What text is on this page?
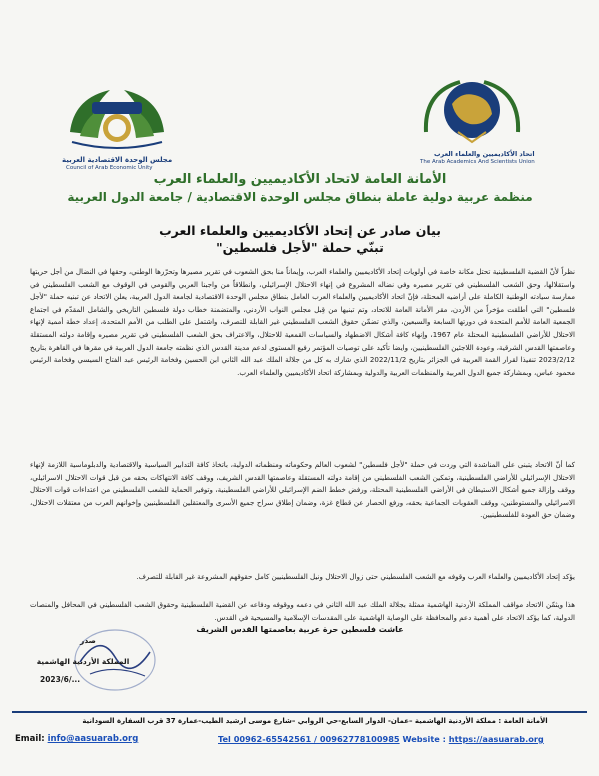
مجلس الوحدة الاقتصادية العربية
Council of Arab Economic Unity
اتحاد الأكاديميين والعلماء العرب
The Arab Academics And Scientists Union
الأمانة العامة لاتحاد الأكاديميين والعلماء العرب
منظمة عربية دولية عاملة بنطاق مجلس الوحدة الاقتصادية / جامعة الدول العربية
بيان صادر عن إتحاد الأكاديميين والعلماء العرب
تبنّي حملة "لأجل فلسطين"
نظراً لأنّ القضية الفلسطينية تحتل مكانة خاصة في أولويات إتحاد الأكاديميين والعلماء العرب، وإيماناً منا بحق الشعوب في تقرير مصيرها وتحرّرها الوطني، وحقها في النضال من أجل حريتها واستقلالها، وحق الشعب الفلسطيني في تقرير مصيره وفي نضاله المشروع في إنهاء الاحتلال الإسرائيلي، وانطلاقاً من واجبنا العربي والقومي في الوقوف مع الشعب الفلسطيني في ممارسة سيادته الوطنية الكاملة على أراضيه المحتلة، فإنّ اتحاد الأكاديميين والعلماء العرب العامل بنطاق مجلس الوحدة الاقتصادية لجامعة الدول العربية، يعلن الاتحاد عن تبنيه حملة "لأجل فلسطين" التي أطلقت مؤخراً من الأردن، مقر الأمانة العامة للاتحاد، وتم تبنيها من قِبل مجلس النواب الأردني، والمتضمنة خطاب دولة فلسطين التاريخي والشامل المقدّم في اجتماع الجمعية العامة للأمم المتحدة في دورتها السابعة والسبعين، والذي تضمّن حقوق الشعب الفلسطيني غير القابلة للتصرف، واشتمل على الطلب من الأمم المتحدة، إعداد خطة أممية لإنهاء الاحتلال للأراضي الفلسطينية المحتلة عام 1967، وإنهاء كافة أشكال الاضطهاد والسياسات القمعية للاحتلال، والاعتراف بحق الشعب الفلسطيني في تقرير مصيره وإقامة دولته المستقلة وعاصمتها القدس الشرقية، وعودة اللاجئين الفلسطينيين، وايضا تأكيد على توصيات المؤتمر رفيع المستوى لدعم مدينة القدس الذي نظمته جامعة الدول العربية في مقرها في القاهرة بتاريخ 2023/2/12 تنفيذا لقرار القمة العربية في الجزائر بتاريخ 2022/11/2 الذي شارك به كل من جلالة الملك عبد الله الثاني ابن الحسين وفخامة الرئيس عبد الفتاح السيسي وفخامة الرئيس محمود عباس، وبمشاركة جميع الدول العربية والمنظمات العربية والدولية وبمشاركة اتحاد الأكاديميين والعلماء العرب.
كما أنّ الاتحاد يتبنى على المناشدة التي وردت في حملة "لأجل فلسطين" لشعوب العالم وحكوماته ومنظماته الدولية، باتخاذ كافة التدابير السياسية والاقتصادية والدبلوماسية اللازمة لإنهاء الاحتلال الإسرائيلي للأراضي الفلسطينية، وتمكين الشعب الفلسطيني من إقامة دولته المستقلة وعاصمتها القدس الشريف، ووقف كافة الانتهاكات بحقه من قبل قوات الاحتلال الاسرائيلي، ووقف وإزالة جميع أشكال الاستيطان في الأراضي الفلسطينية المحتلة، ورفض خطط الضم الإسرائيلي للأراضي الفلسطينية، وتوفير الحماية للشعب الفلسطيني من اعتداءات قوات الاحتلال الاسرائيلي والمستوطنين، ووقف العقوبات الجماعية بحقه، ورفع الحصار عن قطاع غزة، وضمان إطلاق سراح جميع الأسرى والمعتقلين الفلسطينيين وإخوانهم العرب من معتقلات الاحتلال، وضمان حق العودة للفلسطينيين.
يؤكد إتحاد الأكاديميين والعلماء العرب وقوفه مع الشعب الفلسطيني حتى زوال الاحتلال ونيل الفلسطينيين كامل حقوقهم المشروعة غير القابلة للتصرف.
هذا ويثمّن الاتحاد مواقف المملكة الأردنية الهاشمية ممثلة بجلالة الملك عبد الله الثاني في دعمه ووقوفه ودفاعه عن القضية الفلسطينية وحقوق الشعب الفلسطيني في المحافل والمنصات الدولية، كما يؤكد الاتحاد على أهمية دعم والمحافظة على الوصاية الهاشمية على المقدسات الإسلامية والمسيحية في القدس.
عاشت فلسطين حرة عربية بعاصمتها القدس الشريف
صدر
المملكة الأردنية الهاشمية
2023/6/...
الأمانة العامة : مملكة الأردنية الهاشمية –عمان- الدوار السابع-حي الروابي –شارع موسى ارشيد الطيب-عمارة 37 قرب السفارة السودانية
Email: info@aasuarab.org	Tel 00962-65542561 / 00962778100985 Website : https://aasuarab.org
